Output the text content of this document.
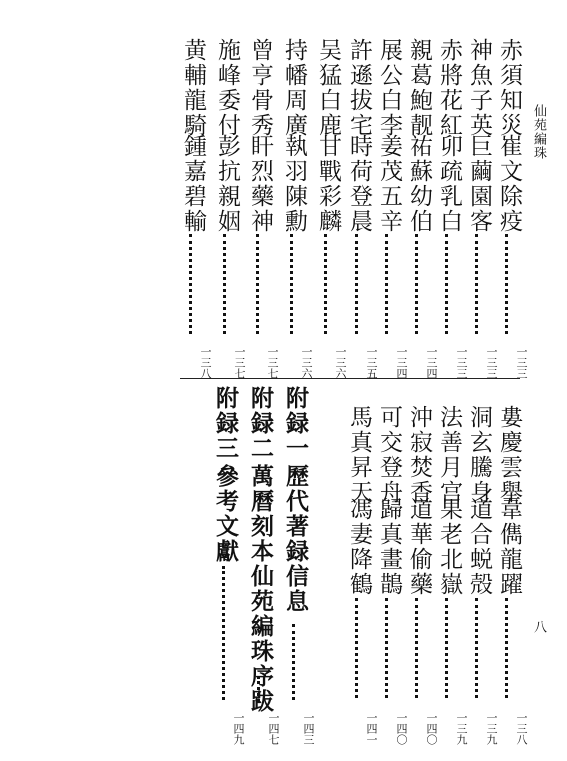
仙苑編珠
八
赤須知災
崔文除疫
一三三
神魚子英
巨繭園客
一三三
赤將花紅
卯疏乳白
一三三
親葛鮑靓
祐蘇幼伯
一三四
展公白李
姜茂五辛
一三四
許遜拔宅
時荷登晨
一三五
吴猛白鹿
甘戰彩麟
一三六
持幡周廣
執羽陳勳
一三六
曾亨骨秀
盰烈藥神
一三七
施峰委付
彭抗親姻
一三七
黄輔龍騎
鍾嘉碧輸
一三八
婁慶雲舉
韋儁龍躍
一三八
洞玄騰身
道合蜕殻
一三九
法善月宫
果老北嶽
一三九
沖寂焚香
道華偷藥
一四〇
可交登舟
歸真畫鵲
一四〇
馬真昇天
馮妻降鶴
一四一
附録一
歷代著録信息
一四三
附録二
萬曆刻本仙苑編珠序跋
一四七
附録三
參考文獻
一四九
